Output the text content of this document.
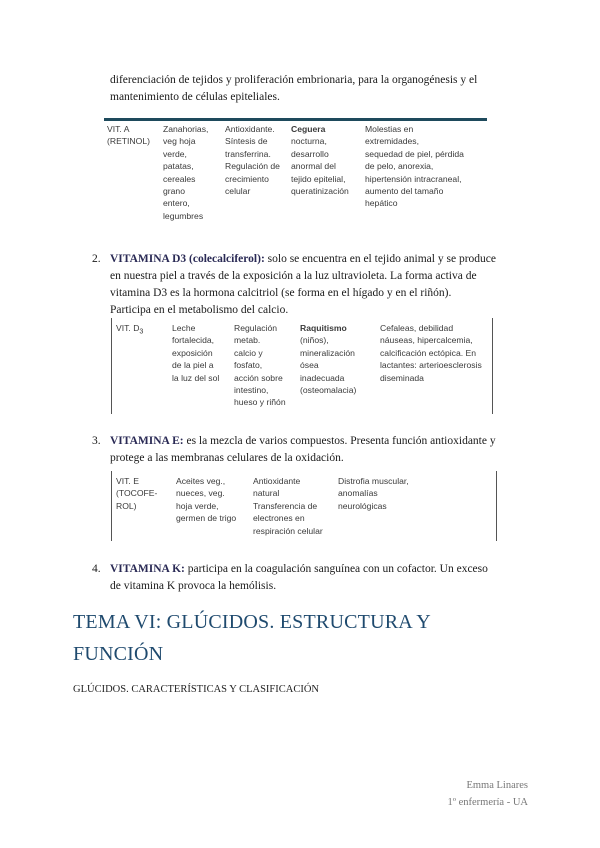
diferenciación de tejidos y proliferación embrionaria, para la organogénesis y el
mantenimiento de células epiteliales.
VIT. A
(RETINOL)	Zanahorias,
veg hoja
verde,
patatas,
cereales
grano
entero,
legumbres	Antioxidante.
Síntesis de
transferrina.
Regulación de
crecimiento
celular	Ceguera
nocturna,
desarrollo
anormal del
tejido epitelial,
queratinización	Molestias en
extremidades,
sequedad de piel, pérdida
de pelo, anorexia,
hipertensión intracraneal,
aumento del tamaño
hepático
2. VITAMINA D3 (colecalciferol): solo se encuentra en el tejido animal y se produce
en nuestra piel a través de la exposición a la luz ultravioleta. La forma activa de
vitamina D3 es la hormona calcitriol (se forma en el hígado y en el riñón).
Participa en el metabolismo del calcio.
VIT. $D_3$	Leche
fortalecida,
exposición
de la piel a
la luz del sol	Regulación
metab.
calcio y
fosfato,
acción sobre
intestino,
hueso y riñón	Raquitismo
(niños),
mineralización
ósea
inadecuada
(osteomalacia)	Cefaleas, debilidad
náuseas, hipercalcemia,
calcificación ectópica. En
lactantes: arterioesclerosis
diseminada
3. VITAMINA E: es la mezcla de varios compuestos. Presenta función antioxidante y
protege a las membranas celulares de la oxidación.
VIT. E
(TOCOFE-
ROL)	Aceites veg.,
nueces, veg.
hoja verde,
germen de trigo	Antioxidante
natural
Transferencia de
electrones en
respiración celular	Distrofia muscular,
anomalías
neurológicas
4. VITAMINA K: participa en la coagulación sanguínea con un cofactor. Un exceso
de vitamina K provoca la hemólisis.
TEMA VI: GLÚCIDOS. ESTRUCTURA Y
FUNCIÓN
GLÚCIDOS. CARACTERÍSTICAS Y CLASIFICACIÓN
Emma Linares
1º enfermería - UA
